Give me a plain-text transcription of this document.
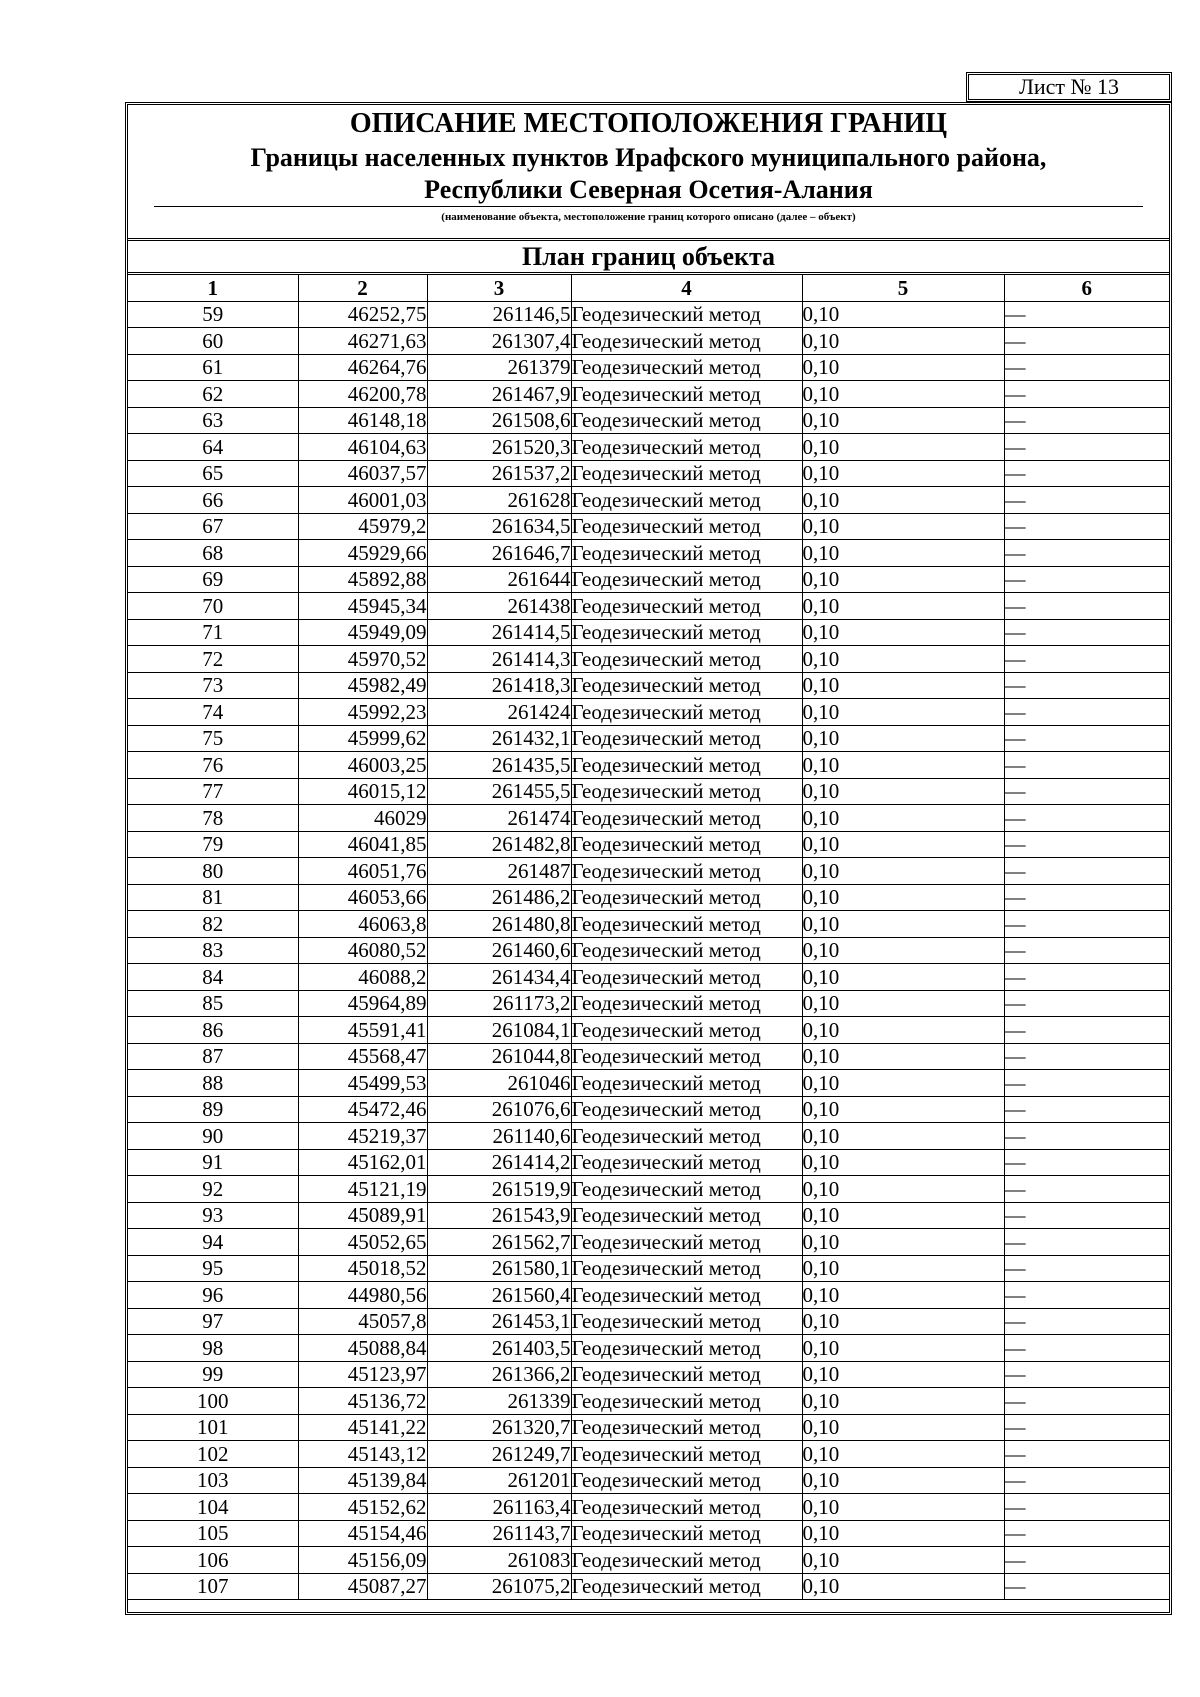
Лист № 13
ОПИСАНИЕ МЕСТОПОЛОЖЕНИЯ ГРАНИЦ
Границы населенных пунктов Ирафского муниципального района,
Республики Северная Осетия-Алания
(наименование объекта, местоположение границ которого описано (далее – объект)
План границ объекта
1	2	3	4	5	6
59	46252,75	261146,5	Геодезический метод	0,10	—
60	46271,63	261307,4	Геодезический метод	0,10	—
61	46264,76	261379	Геодезический метод	0,10	—
62	46200,78	261467,9	Геодезический метод	0,10	—
63	46148,18	261508,6	Геодезический метод	0,10	—
64	46104,63	261520,3	Геодезический метод	0,10	—
65	46037,57	261537,2	Геодезический метод	0,10	—
66	46001,03	261628	Геодезический метод	0,10	—
67	45979,2	261634,5	Геодезический метод	0,10	—
68	45929,66	261646,7	Геодезический метод	0,10	—
69	45892,88	261644	Геодезический метод	0,10	—
70	45945,34	261438	Геодезический метод	0,10	—
71	45949,09	261414,5	Геодезический метод	0,10	—
72	45970,52	261414,3	Геодезический метод	0,10	—
73	45982,49	261418,3	Геодезический метод	0,10	—
74	45992,23	261424	Геодезический метод	0,10	—
75	45999,62	261432,1	Геодезический метод	0,10	—
76	46003,25	261435,5	Геодезический метод	0,10	—
77	46015,12	261455,5	Геодезический метод	0,10	—
78	46029	261474	Геодезический метод	0,10	—
79	46041,85	261482,8	Геодезический метод	0,10	—
80	46051,76	261487	Геодезический метод	0,10	—
81	46053,66	261486,2	Геодезический метод	0,10	—
82	46063,8	261480,8	Геодезический метод	0,10	—
83	46080,52	261460,6	Геодезический метод	0,10	—
84	46088,2	261434,4	Геодезический метод	0,10	—
85	45964,89	261173,2	Геодезический метод	0,10	—
86	45591,41	261084,1	Геодезический метод	0,10	—
87	45568,47	261044,8	Геодезический метод	0,10	—
88	45499,53	261046	Геодезический метод	0,10	—
89	45472,46	261076,6	Геодезический метод	0,10	—
90	45219,37	261140,6	Геодезический метод	0,10	—
91	45162,01	261414,2	Геодезический метод	0,10	—
92	45121,19	261519,9	Геодезический метод	0,10	—
93	45089,91	261543,9	Геодезический метод	0,10	—
94	45052,65	261562,7	Геодезический метод	0,10	—
95	45018,52	261580,1	Геодезический метод	0,10	—
96	44980,56	261560,4	Геодезический метод	0,10	—
97	45057,8	261453,1	Геодезический метод	0,10	—
98	45088,84	261403,5	Геодезический метод	0,10	—
99	45123,97	261366,2	Геодезический метод	0,10	—
100	45136,72	261339	Геодезический метод	0,10	—
101	45141,22	261320,7	Геодезический метод	0,10	—
102	45143,12	261249,7	Геодезический метод	0,10	—
103	45139,84	261201	Геодезический метод	0,10	—
104	45152,62	261163,4	Геодезический метод	0,10	—
105	45154,46	261143,7	Геодезический метод	0,10	—
106	45156,09	261083	Геодезический метод	0,10	—
107	45087,27	261075,2	Геодезический метод	0,10	—
